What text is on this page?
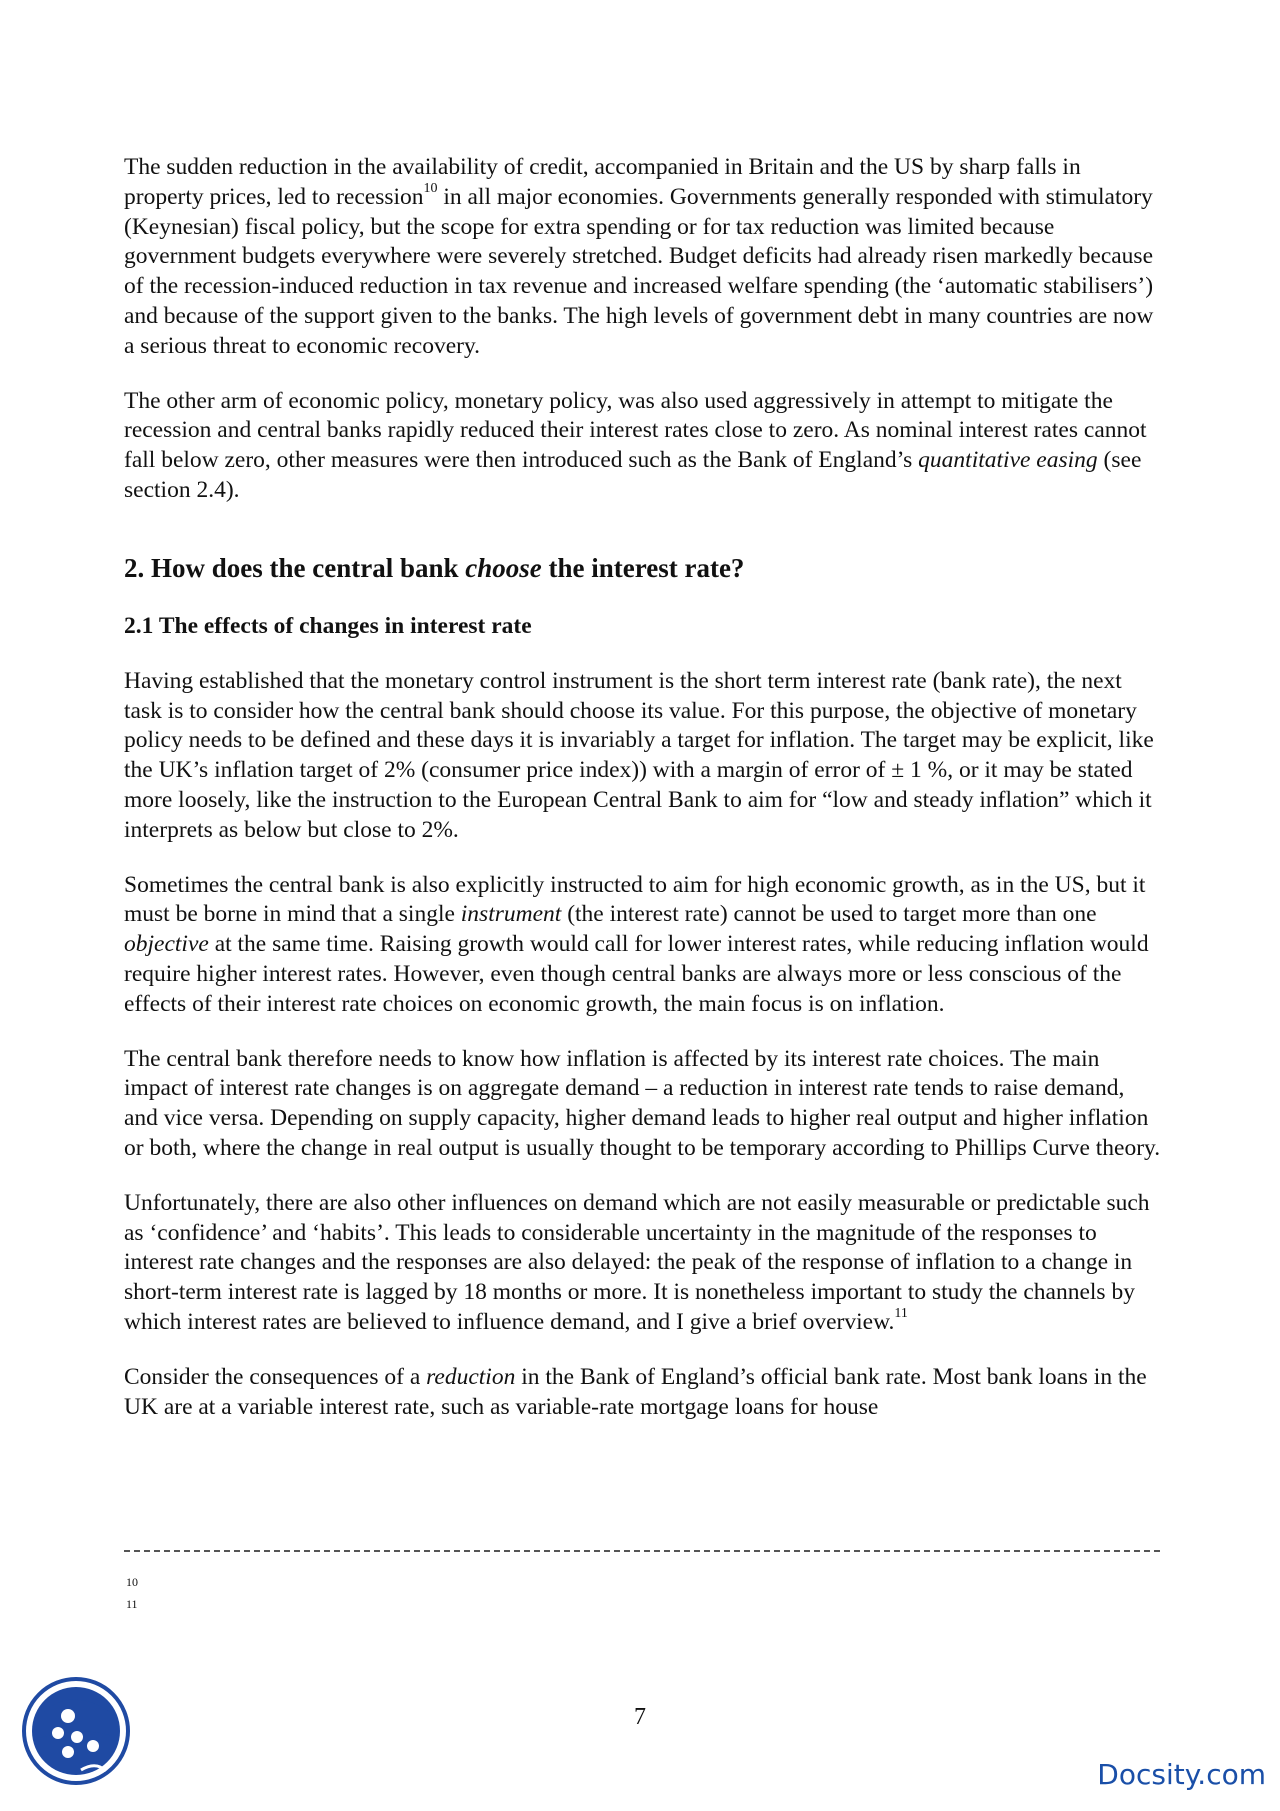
The sudden reduction in the availability of credit, accompanied in Britain and the US by sharp falls in property prices, led to recession$^{10}$ in all major economies. Governments generally responded with stimulatory (Keynesian) fiscal policy, but the scope for extra spending or for tax reduction was limited because government budgets everywhere were severely stretched. Budget deficits had already risen markedly because of the recession-induced reduction in tax revenue and increased welfare spending (the ‘automatic stabilisers’) and because of the support given to the banks. The high levels of government debt in many countries are now a serious threat to economic recovery.

The other arm of economic policy, monetary policy, was also used aggressively in attempt to mitigate the recession and central banks rapidly reduced their interest rates close to zero. As nominal interest rates cannot fall below zero, other measures were then introduced such as the Bank of England’s quantitative easing (see section 2.4).

2. How does the central bank choose the interest rate?
2.1 The effects of changes in interest rate

Having established that the monetary control instrument is the short term interest rate (bank rate), the next task is to consider how the central bank should choose its value. For this purpose, the objective of monetary policy needs to be defined and these days it is invariably a target for inflation. The target may be explicit, like the UK’s inflation target of 2% (consumer price index)) with a margin of error of ± 1 %, or it may be stated more loosely, like the instruction to the European Central Bank to aim for “low and steady inflation” which it interprets as below but close to 2%.

Sometimes the central bank is also explicitly instructed to aim for high economic growth, as in the US, but it must be borne in mind that a single instrument (the interest rate) cannot be used to target more than one objective at the same time. Raising growth would call for lower interest rates, while reducing inflation would require higher interest rates. However, even though central banks are always more or less conscious of the effects of their interest rate choices on economic growth, the main focus is on inflation.

The central bank therefore needs to know how inflation is affected by its interest rate choices. The main impact of interest rate changes is on aggregate demand – a reduction in interest rate tends to raise demand, and vice versa. Depending on supply capacity, higher demand leads to higher real output and higher inflation or both, where the change in real output is usually thought to be temporary according to Phillips Curve theory.

Unfortunately, there are also other influences on demand which are not easily measurable or predictable such as ‘confidence’ and ‘habits’. This leads to considerable uncertainty in the magnitude of the responses to interest rate changes and the responses are also delayed: the peak of the response of inflation to a change in short-term interest rate is lagged by 18 months or more. It is nonetheless important to study the channels by which interest rates are believed to influence demand, and I give a brief overview.$^{11}$

Consider the consequences of a reduction in the Bank of England’s official bank rate. Most bank loans in the UK are at a variable interest rate, such as variable-rate mortgage loans for house

10
11
7
Docsity.com
